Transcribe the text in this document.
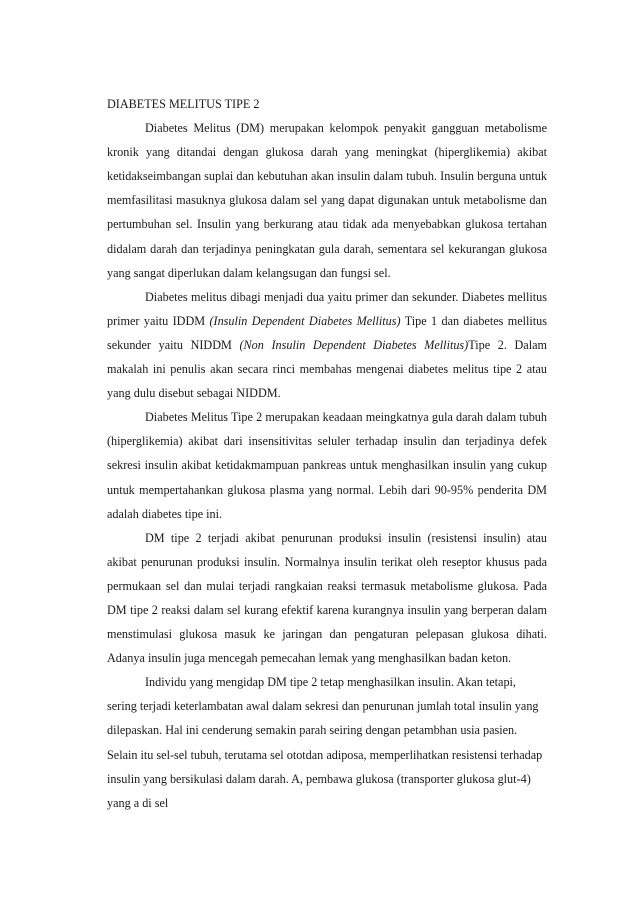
DIABETES MELITUS TIPE 2

Diabetes Melitus (DM) merupakan kelompok penyakit gangguan metabolisme kronik yang ditandai dengan glukosa darah yang meningkat (hiperglikemia) akibat ketidakseimbangan suplai dan kebutuhan akan insulin dalam tubuh. Insulin berguna untuk memfasilitasi masuknya glukosa dalam sel yang dapat digunakan untuk metabolisme dan pertumbuhan sel. Insulin yang berkurang atau tidak ada menyebabkan glukosa tertahan didalam darah dan terjadinya peningkatan gula darah, sementara sel kekurangan glukosa yang sangat diperlukan dalam kelangsugan dan fungsi sel.

Diabetes melitus dibagi menjadi dua yaitu primer dan sekunder. Diabetes mellitus primer yaitu IDDM (Insulin Dependent Diabetes Mellitus) Tipe 1 dan diabetes mellitus sekunder yaitu NIDDM (Non Insulin Dependent Diabetes Mellitus)Tipe 2. Dalam makalah ini penulis akan secara rinci membahas mengenai diabetes melitus tipe 2 atau yang dulu disebut sebagai NIDDM.

Diabetes Melitus Tipe 2 merupakan keadaan meingkatnya gula darah dalam tubuh (hiperglikemia) akibat dari insensitivitas seluler terhadap insulin dan terjadinya defek sekresi insulin akibat ketidakmampuan pankreas untuk menghasilkan insulin yang cukup untuk mempertahankan glukosa plasma yang normal. Lebih dari 90-95% penderita DM adalah diabetes tipe ini.

DM tipe 2 terjadi akibat penurunan produksi insulin (resistensi insulin) atau akibat penurunan produksi insulin. Normalnya insulin terikat oleh reseptor khusus pada permukaan sel dan mulai terjadi rangkaian reaksi termasuk metabolisme glukosa. Pada DM tipe 2 reaksi dalam sel kurang efektif karena kurangnya insulin yang berperan dalam menstimulasi glukosa masuk ke jaringan dan pengaturan pelepasan glukosa dihati. Adanya insulin juga mencegah pemecahan lemak yang menghasilkan badan keton.

Individu yang mengidap DM tipe 2 tetap menghasilkan insulin. Akan tetapi, sering terjadi keterlambatan awal dalam sekresi dan penurunan jumlah total insulin yang dilepaskan. Hal ini cenderung semakin parah seiring dengan petambhan usia pasien. Selain itu sel-sel tubuh, terutama sel ototdan adiposa, memperlihatkan resistensi terhadap insulin yang bersikulasi dalam darah. A, pembawa glukosa (transporter glukosa glut-4) yang a di sel
